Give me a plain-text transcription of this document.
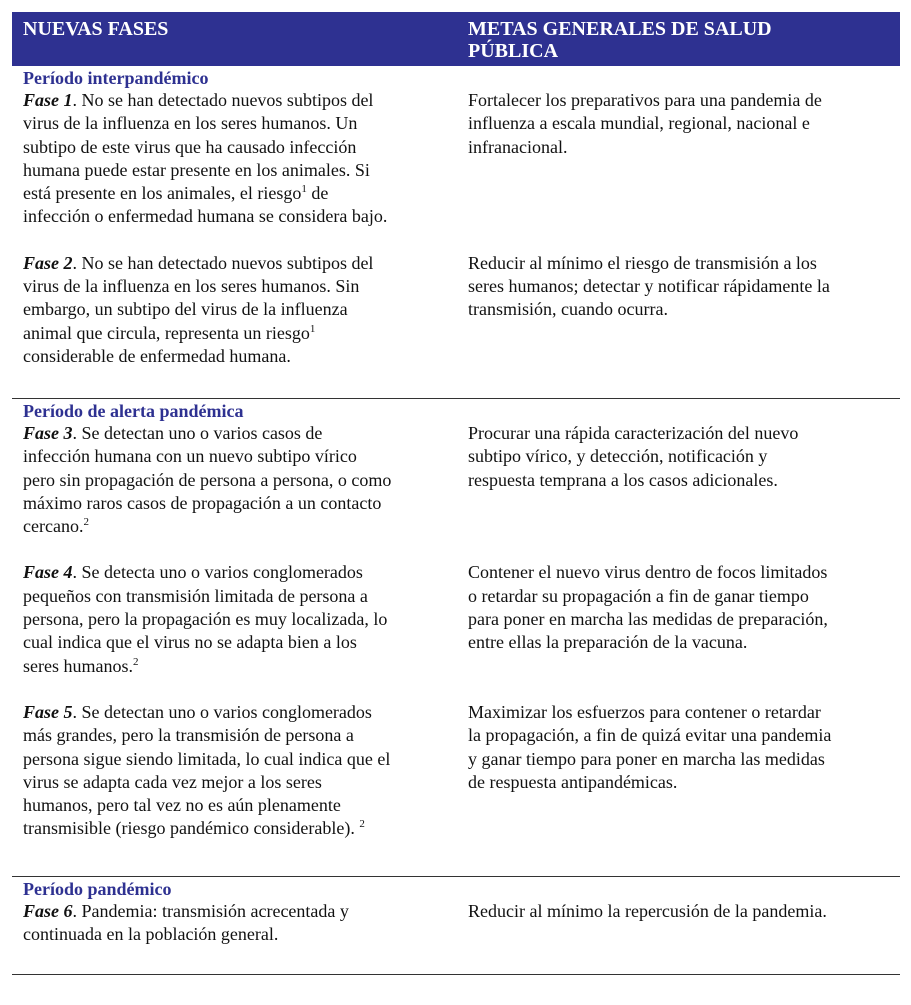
NUEVAS FASES	METAS GENERALES DE SALUD
PÚBLICA
Período interpandémico
Fase 1. No se han detectado nuevos subtipos del
virus de la influenza en los seres humanos. Un
subtipo de este virus que ha causado infección
humana puede estar presente en los animales. Si
está presente en los animales, el riesgo$^1$ de
infección o enfermedad humana se considera bajo.
Fortalecer los preparativos para una pandemia de
influenza a escala mundial, regional, nacional e
infranacional.
Fase 2. No se han detectado nuevos subtipos del
virus de la influenza en los seres humanos. Sin
embargo, un subtipo del virus de la influenza
animal que circula, representa un riesgo$^1$
considerable de enfermedad humana.
Reducir al mínimo el riesgo de transmisión a los
seres humanos; detectar y notificar rápidamente la
transmisión, cuando ocurra.
Período de alerta pandémica
Fase 3. Se detectan uno o varios casos de
infección humana con un nuevo subtipo vírico
pero sin propagación de persona a persona, o como
máximo raros casos de propagación a un contacto
cercano.$^2$
Procurar una rápida caracterización del nuevo
subtipo vírico, y detección, notificación y
respuesta temprana a los casos adicionales.
Fase 4. Se detecta uno o varios conglomerados
pequeños con transmisión limitada de persona a
persona, pero la propagación es muy localizada, lo
cual indica que el virus no se adapta bien a los
seres humanos.$^2$
Contener el nuevo virus dentro de focos limitados
o retardar su propagación a fin de ganar tiempo
para poner en marcha las medidas de preparación,
entre ellas la preparación de la vacuna.
Fase 5. Se detectan uno o varios conglomerados
más grandes, pero la transmisión de persona a
persona sigue siendo limitada, lo cual indica que el
virus se adapta cada vez mejor a los seres
humanos, pero tal vez no es aún plenamente
transmisible (riesgo pandémico considerable). $^2$
Maximizar los esfuerzos para contener o retardar
la propagación, a fin de quizá evitar una pandemia
y ganar tiempo para poner en marcha las medidas
de respuesta antipandémicas.
Período pandémico
Fase 6. Pandemia: transmisión acrecentada y
continuada en la población general.
Reducir al mínimo la repercusión de la pandemia.
